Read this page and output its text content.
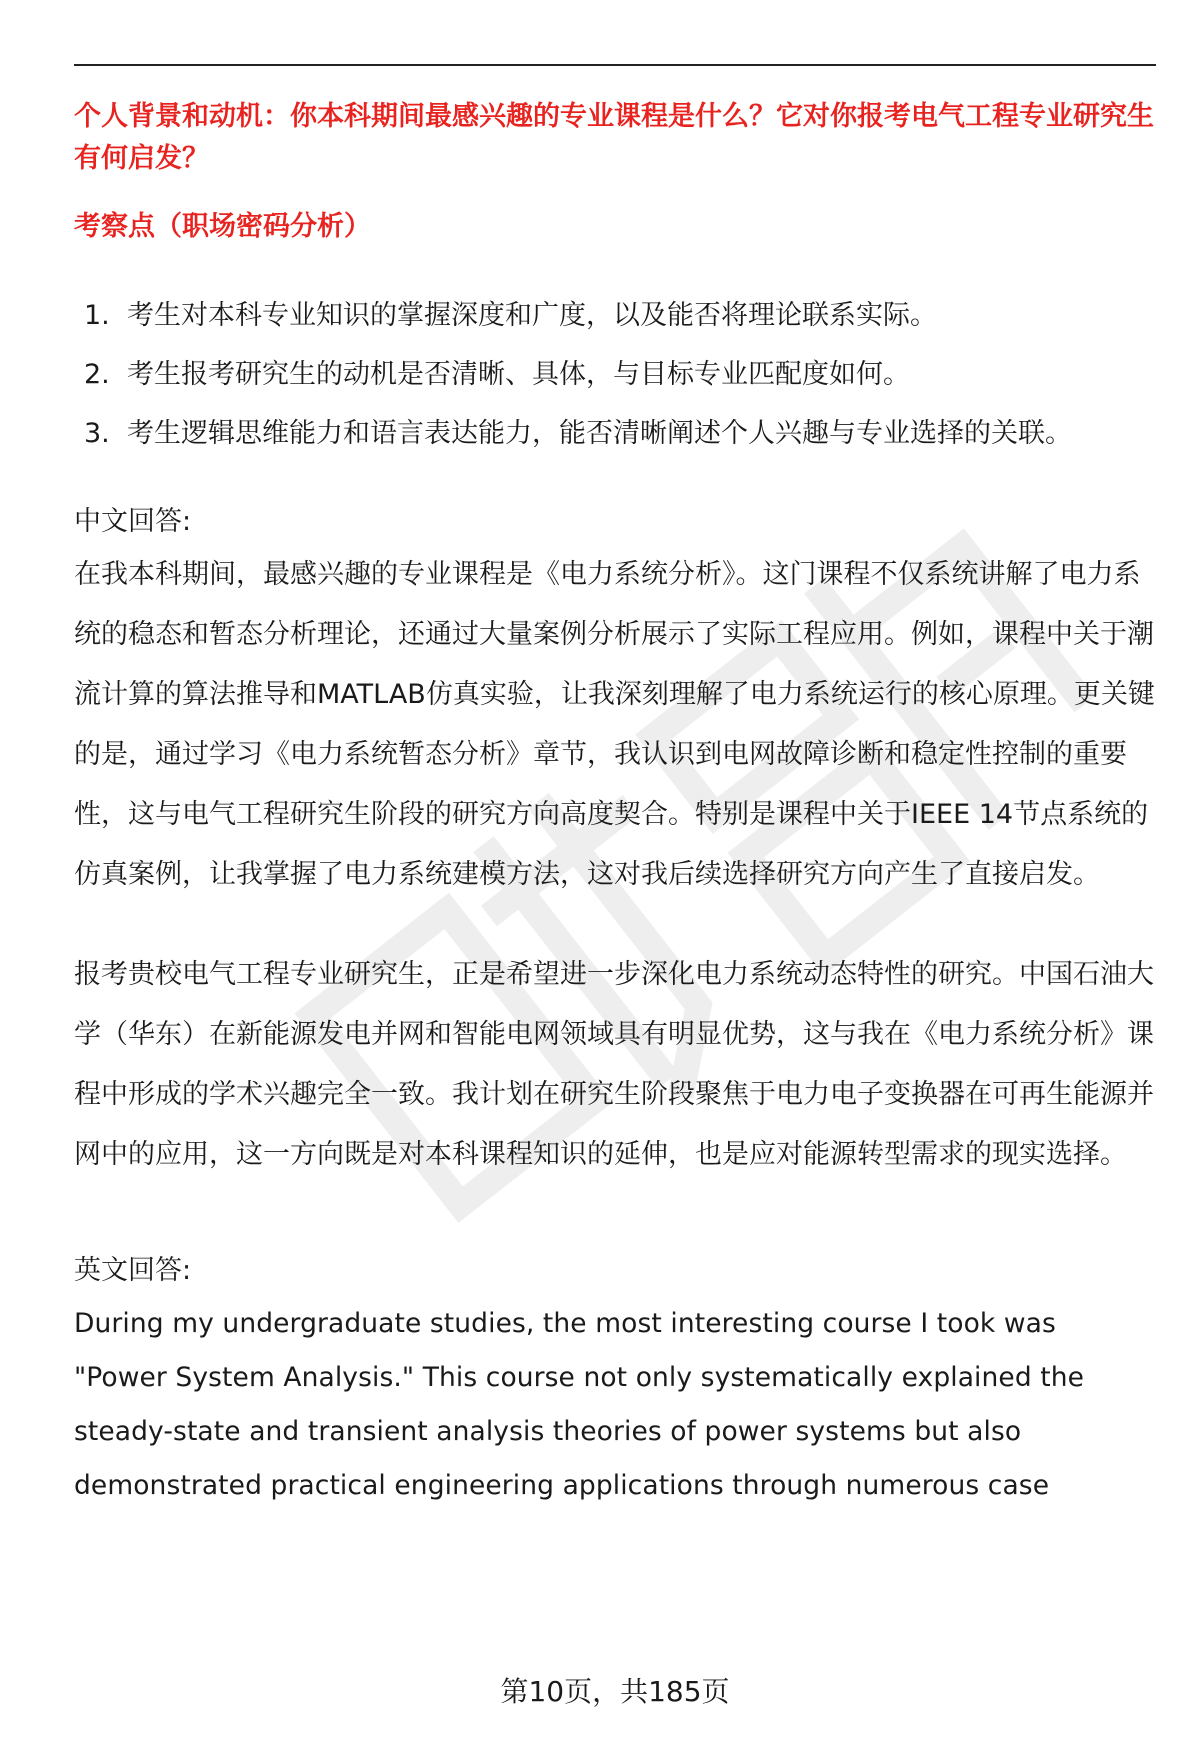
个人背景和动机：你本科期间最感兴趣的专业课程是什么？它对你报考电气工程专业研究生有何启发？

考察点（职场密码分析）

1. 考生对本科专业知识的掌握深度和广度，以及能否将理论联系实际。
2. 考生报考研究生的动机是否清晰、具体，与目标专业匹配度如何。
3. 考生逻辑思维能力和语言表达能力，能否清晰阐述个人兴趣与专业选择的关联。

中文回答:

在我本科期间，最感兴趣的专业课程是《电力系统分析》。这门课程不仅系统讲解了电力系统的稳态和暂态分析理论，还通过大量案例分析展示了实际工程应用。例如，课程中关于潮流计算的算法推导和MATLAB仿真实验，让我深刻理解了电力系统运行的核心原理。更关键的是，通过学习《电力系统暂态分析》章节，我认识到电网故障诊断和稳定性控制的重要性，这与电气工程研究生阶段的研究方向高度契合。特别是课程中关于IEEE 14节点系统的仿真案例，让我掌握了电力系统建模方法，这对我后续选择研究方向产生了直接启发。

报考贵校电气工程专业研究生，正是希望进一步深化电力系统动态特性的研究。中国石油大学（华东）在新能源发电并网和智能电网领域具有明显优势，这与我在《电力系统分析》课程中形成的学术兴趣完全一致。我计划在研究生阶段聚焦于电力电子变换器在可再生能源并网中的应用，这一方向既是对本科课程知识的延伸，也是应对能源转型需求的现实选择。

英文回答:

During my undergraduate studies, the most interesting course I took was

"Power System Analysis." This course not only systematically explained the

steady-state and transient analysis theories of power systems but also

demonstrated practical engineering applications through numerous case

第10页，共185页
